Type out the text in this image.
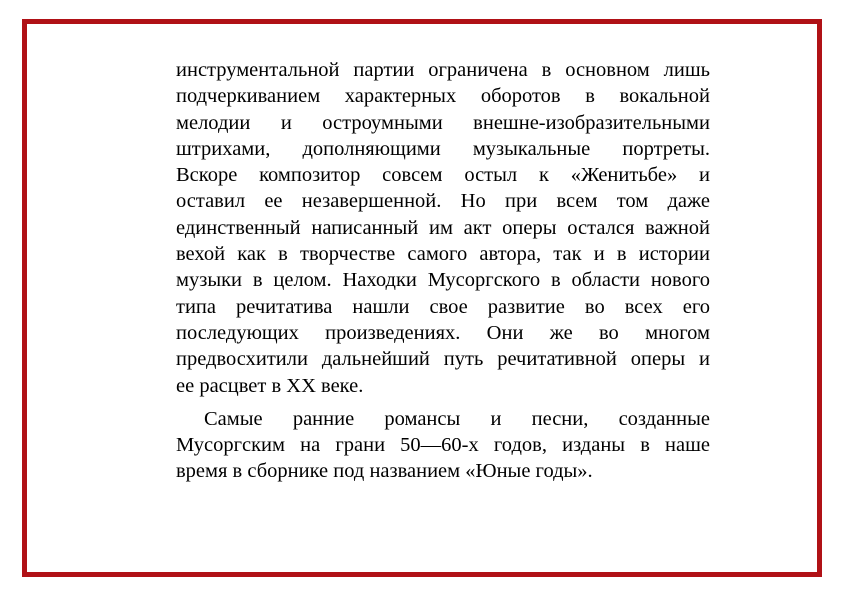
инструментальной партии ограничена в основном лишь
подчеркиванием характерных оборотов в вокальной
мелодии и остроумными внешне-изобразительными
штрихами, дополняющими музыкальные портреты.
Вскоре композитор совсем остыл к «Женитьбе» и
оставил ее незавершенной. Но при всем том даже
единственный написанный им акт оперы остался важной
вехой как в творчестве самого автора, так и в истории
музыки в целом. Находки Мусоргского в области нового
типа речитатива нашли свое развитие во всех его
последующих произведениях. Они же во многом
предвосхитили дальнейший путь речитативной оперы и
ее расцвет в XX веке.

Самые ранние романсы и песни, созданные
Мусоргским на грани 50—60-х годов, изданы в наше
время в сборнике под названием «Юные годы».
